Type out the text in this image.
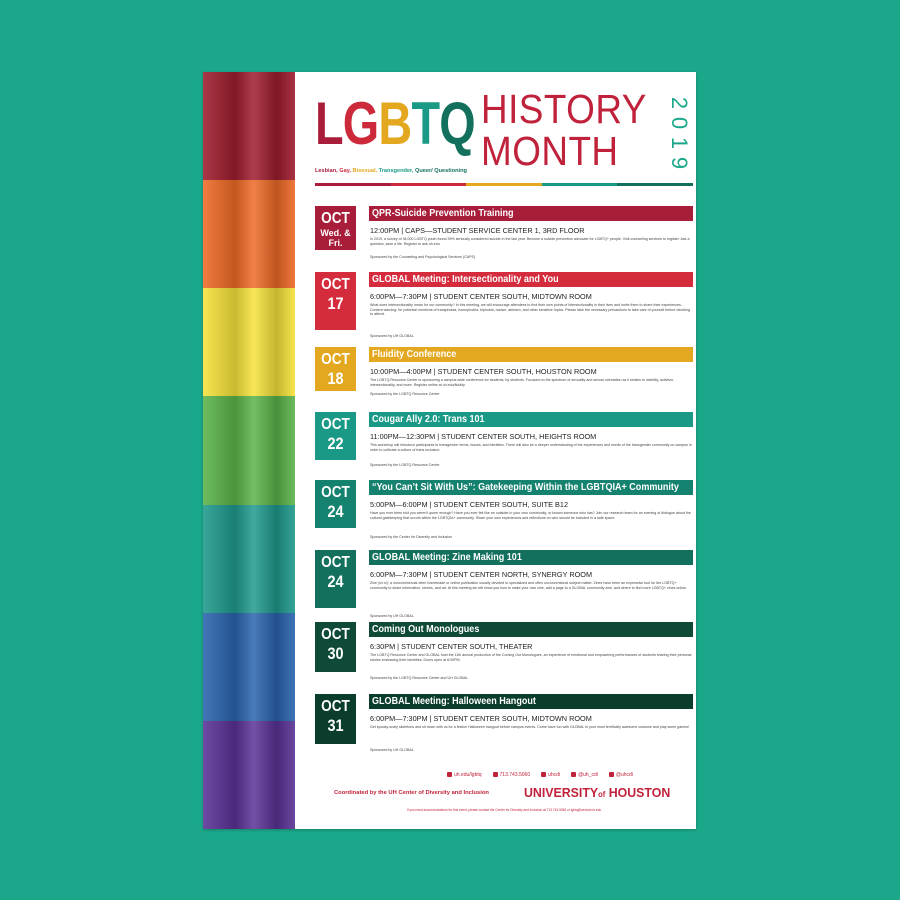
LGBTQ
Lesbian, Gay, Bisexual, Transgender, Queer/ Questioning
HISTORY
MONTH
2
0
1
9
OCT
Wed. & Fri.
QPR-Suicide Prevention Training
12:00PM | CAPS—STUDENT SERVICE CENTER 1, 3RD FLOOR
In 2019, a survey of 34,000 LGBTQ youth found 39% seriously considered suicide in the last year. Become a suicide prevention advocate for LGBTQ+ people. Visit counseling services to register. Ask a question, save a life. Register to ask.uh.edu
Sponsored by the Counseling and Psychological Services (CAPS)
OCT
17
GLOBAL Meeting: Intersectionality and You
6:00PM—7:30PM | STUDENT CENTER SOUTH, MIDTOWN ROOM
What does intersectionality mean for our community? In this meeting, we will encourage attendees to find their own points of intersectionality in their lives and invite them to share their experiences. Content warning: for potential mentions of transphobia, homophobia, biphobia, racism, ableism, and other sensitive topics. Please take the necessary precautions to take care of yourself before deciding to attend.
Sponsored by UH GLOBAL
OCT
18
Fluidity Conference
10:00PM—4:00PM | STUDENT CENTER SOUTH, HOUSTON ROOM
The LGBTQ Resource Center is sponsoring a campus-wide conference for students, by students. Focused on the spectrum of sexuality and sexual orientation as it relates to visibility, activism, intersectionality, and more. Register online at uh.edu/fluidity
Sponsored by the LGBTQ Resource Center
OCT
22
Cougar Ally 2.0: Trans 101
11:00PM—12:30PM | STUDENT CENTER SOUTH, HEIGHTS ROOM
This workshop will introduce participants to transgender terms, issues, and identities. There will also be a deeper understanding of the experiences and needs of the transgender community on campus in order to cultivate a culture of trans inclusion.
Sponsored by the LGBTQ Resource Center
OCT
24
“You Can’t Sit With Us”: Gatekeeping Within the LGBTQIA+ Community
5:00PM—6:00PM | STUDENT CENTER SOUTH, SUITE B12
Have you ever been told you weren't queer enough? Have you ever felt like an outsider in your own community, or known someone who has? Join our research team for an evening of dialogue about the cultural gatekeeping that occurs within the LGBTQIA+ community. Share your own experiences and reflections on who should be included in a safe space.
Sponsored by the Center for Diversity and Inclusion
OCT
24
GLOBAL Meeting: Zine Making 101
6:00PM—7:30PM | STUDENT CENTER NORTH, SYNERGY ROOM
Zine (/ziːn/): a noncommercial often homemade or online publication usually devoted to specialized and often unconventional subject matter. Zines have been an expressive tool for the LGBTQ+ community to share information, stories, and art. At this meeting we will show you how to make your own zine, add a page to a GLOBAL community zine, and where to find more LGBTQ+ zines online.
Sponsored by UH GLOBAL
OCT
30
Coming Out Monologues
6:30PM | STUDENT CENTER SOUTH, THEATER
The LGBTQ Resource Center and GLOBAL host the 11th annual production of the Coming Out Monologues, an experience of emotional and empowering performances of students sharing their personal stories embracing their identities. Doors open at 6:00PM.
Sponsored by the LGBTQ Resource Center and UH GLOBAL
OCT
31
GLOBAL Meeting: Halloween Hangout
6:00PM—7:30PM | STUDENT CENTER SOUTH, MIDTOWN ROOM
Get spooky-scary skeletons and sit down with us for a festive Halloween hangout before campus events. Come have fun with GLOBAL in your most terrifically awesome costume and play some games!
Sponsored by UH GLOBAL
uh.edu/lgbtq	713.743.5060	uhcdi	@uh_cdi	@uhcdi
Coordinated by the UH Center of Diversity and Inclusion	UNIVERSITYof HOUSTON
If you need accommodations for this event, please contact the Center for Diversity and Inclusion at 713.743.5060 or lgbtq@central.uh.edu
